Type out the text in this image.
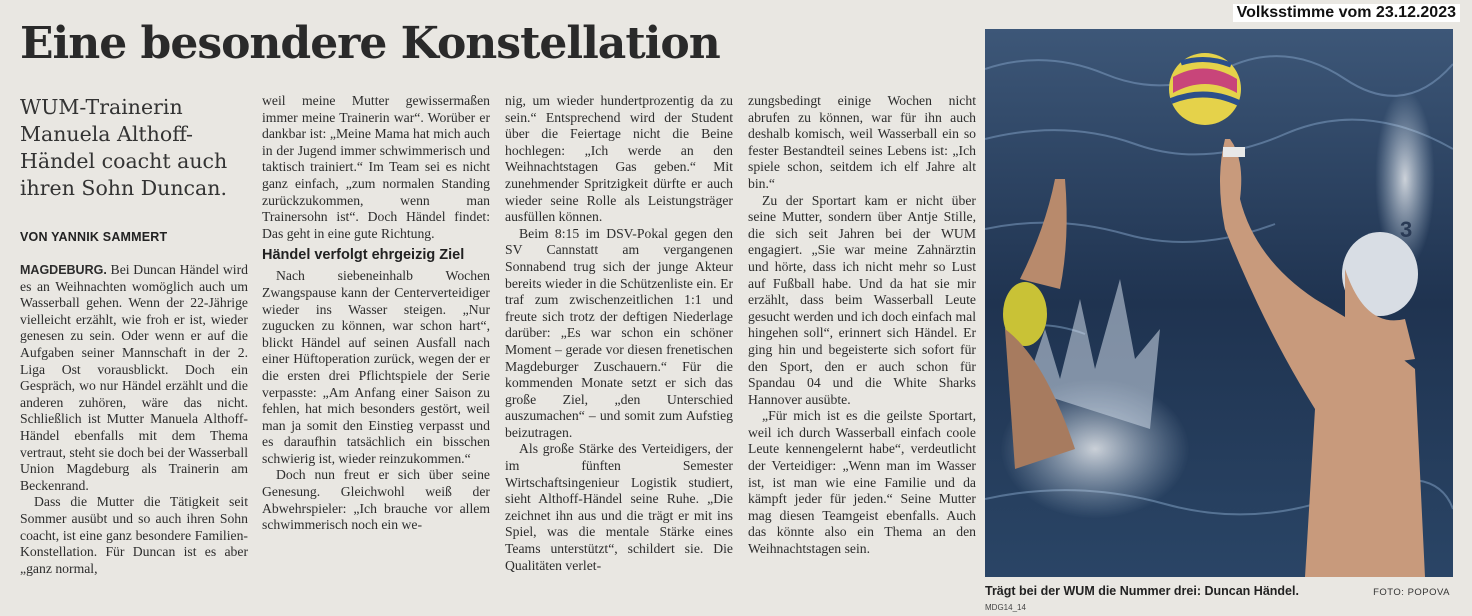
Volksstimme vom 23.12.2023
Eine besondere Konstellation
WUM-Trainerin Manuela Althoff-Händel coacht auch ihren Sohn Duncan.
VON YANNIK SAMMERT

MAGDEBURG. Bei Duncan Händel wird es an Weihnachten womöglich auch um Wasserball gehen. Wenn der 22-Jährige vielleicht erzählt, wie froh er ist, wieder genesen zu sein. Oder wenn er auf die Aufgaben seiner Mannschaft in der 2. Liga Ost vorausblickt. Doch ein Gespräch, wo nur Händel erzählt und die anderen zuhören, wäre das nicht. Schließlich ist Mutter Manuela Althoff-Händel ebenfalls mit dem Thema vertraut, steht sie doch bei der Wasserball Union Magdeburg als Trainerin am Beckenrand.

Dass die Mutter die Tätigkeit seit Sommer ausübt und so auch ihren Sohn coacht, ist eine ganz besondere Familien-Konstellation. Für Duncan ist es aber „ganz normal,

weil meine Mutter gewissermaßen immer meine Trainerin war“. Worüber er dankbar ist: „Meine Mama hat mich auch in der Jugend immer schwimmerisch und taktisch trainiert.“ Im Team sei es nicht ganz einfach, „zum normalen Standing zurückzukommen, wenn man Trainersohn ist“. Doch Händel findet: Das geht in eine gute Richtung.

Händel verfolgt ehrgeizig Ziel

Nach siebeneinhalb Wochen Zwangspause kann der Centerverteidiger wieder ins Wasser steigen. „Nur zugucken zu können, war schon hart“, blickt Händel auf seinen Ausfall nach einer Hüftoperation zurück, wegen der er die ersten drei Pflichtspiele der Serie verpasste: „Am Anfang einer Saison zu fehlen, hat mich besonders gestört, weil man ja somit den Einstieg verpasst und es daraufhin tatsächlich ein bisschen schwierig ist, wieder reinzukommen.“

Doch nun freut er sich über seine Genesung. Gleichwohl weiß der Abwehrspieler: „Ich brauche vor allem schwimmerisch noch ein we-

nig, um wieder hundertprozentig da zu sein.“ Entsprechend wird der Student über die Feiertage nicht die Beine hochlegen: „Ich werde an den Weihnachtstagen Gas geben.“ Mit zunehmender Spritzigkeit dürfte er auch wieder seine Rolle als Leistungsträger ausfüllen können.

Beim 8:15 im DSV-Pokal gegen den SV Cannstatt am vergangenen Sonnabend trug sich der junge Akteur bereits wieder in die Schützenliste ein. Er traf zum zwischenzeitlichen 1:1 und freute sich trotz der deftigen Niederlage darüber: „Es war schon ein schöner Moment – gerade vor diesen frenetischen Magdeburger Zuschauern.“ Für die kommenden Monate setzt er sich das große Ziel, „den Unterschied auszumachen“ – und somit zum Aufstieg beizutragen.

Als große Stärke des Verteidigers, der im fünften Semester Wirtschaftsingenieur Logistik studiert, sieht Althoff-Händel seine Ruhe. „Die zeichnet ihn aus und die trägt er mit ins Spiel, was die mentale Stärke eines Teams unterstützt“, schildert sie. Die Qualitäten verlet-

zungsbedingt einige Wochen nicht abrufen zu können, war für ihn auch deshalb komisch, weil Wasserball ein so fester Bestandteil seines Lebens ist: „Ich spiele schon, seitdem ich elf Jahre alt bin.“

Zu der Sportart kam er nicht über seine Mutter, sondern über Antje Stille, die sich seit Jahren bei der WUM engagiert. „Sie war meine Zahnärztin und hörte, dass ich nicht mehr so Lust auf Fußball habe. Und da hat sie mir erzählt, dass beim Wasserball Leute gesucht werden und ich doch einfach mal hingehen soll“, erinnert sich Händel. Er ging hin und begeisterte sich sofort für den Sport, den er auch schon für Spandau 04 und die White Sharks Hannover ausübte.

„Für mich ist es die geilste Sportart, weil ich durch Wasserball einfach coole Leute kennengelernt habe“, verdeutlicht der Verteidiger: „Wenn man im Wasser ist, ist man wie eine Familie und da kämpft jeder für jeden.“ Seine Mutter mag diesen Teamgeist ebenfalls. Auch das könnte also ein Thema an den Weihnachtstagen sein.

3
Trägt bei der WUM die Nummer drei: Duncan Händel.	FOTO: POPOVA
MDG14_14
